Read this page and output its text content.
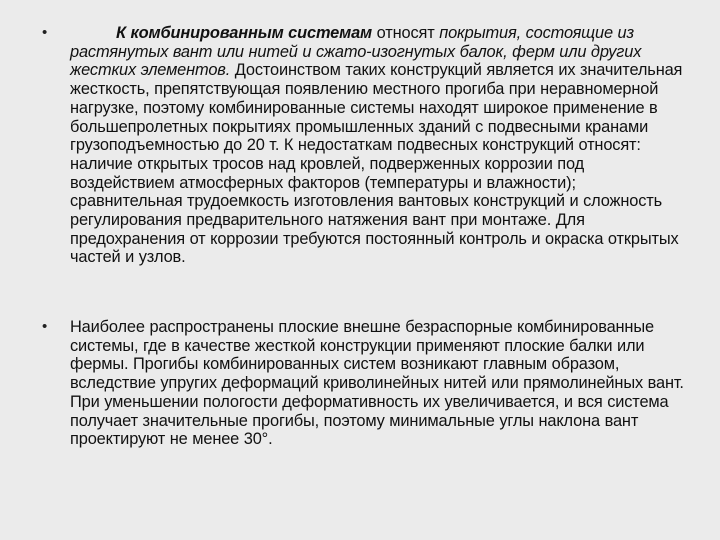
•	К комбинированным системам относят покрытия, состоящие из растянутых вант или нитей и сжато-изогнутых балок, ферм или других жестких элементов. Достоинством таких конструкций является их значительная жесткость, препятствующая появлению местного прогиба при неравномерной нагрузке, поэтому комбинированные системы находят широкое применение в большепролетных покрытиях промышленных зданий с подвесными кранами грузоподъемностью до 20 т. К недостаткам подвесных конструкций относят: наличие открытых тросов над кровлей, подверженных коррозии под воздействием атмосферных факторов (температуры и влажности); сравнительная трудоемкость изготовления вантовых конструкций и сложность регулирования предварительного натяжения вант при монтаже. Для предохранения от коррозии требуются постоянный контроль и окраска открытых частей и узлов.
• Наиболее распространены плоские внешне безраспорные комбинированные системы, где в качестве жесткой конструкции применяют плоские балки или фермы. Прогибы комбинированных систем возникают главным образом, вследствие упругих деформаций криволинейных нитей или прямолинейных вант. При уменьшении пологости деформативность их увеличивается, и вся система получает значительные прогибы, поэтому минимальные углы наклона вант проектируют не менее 30°.
